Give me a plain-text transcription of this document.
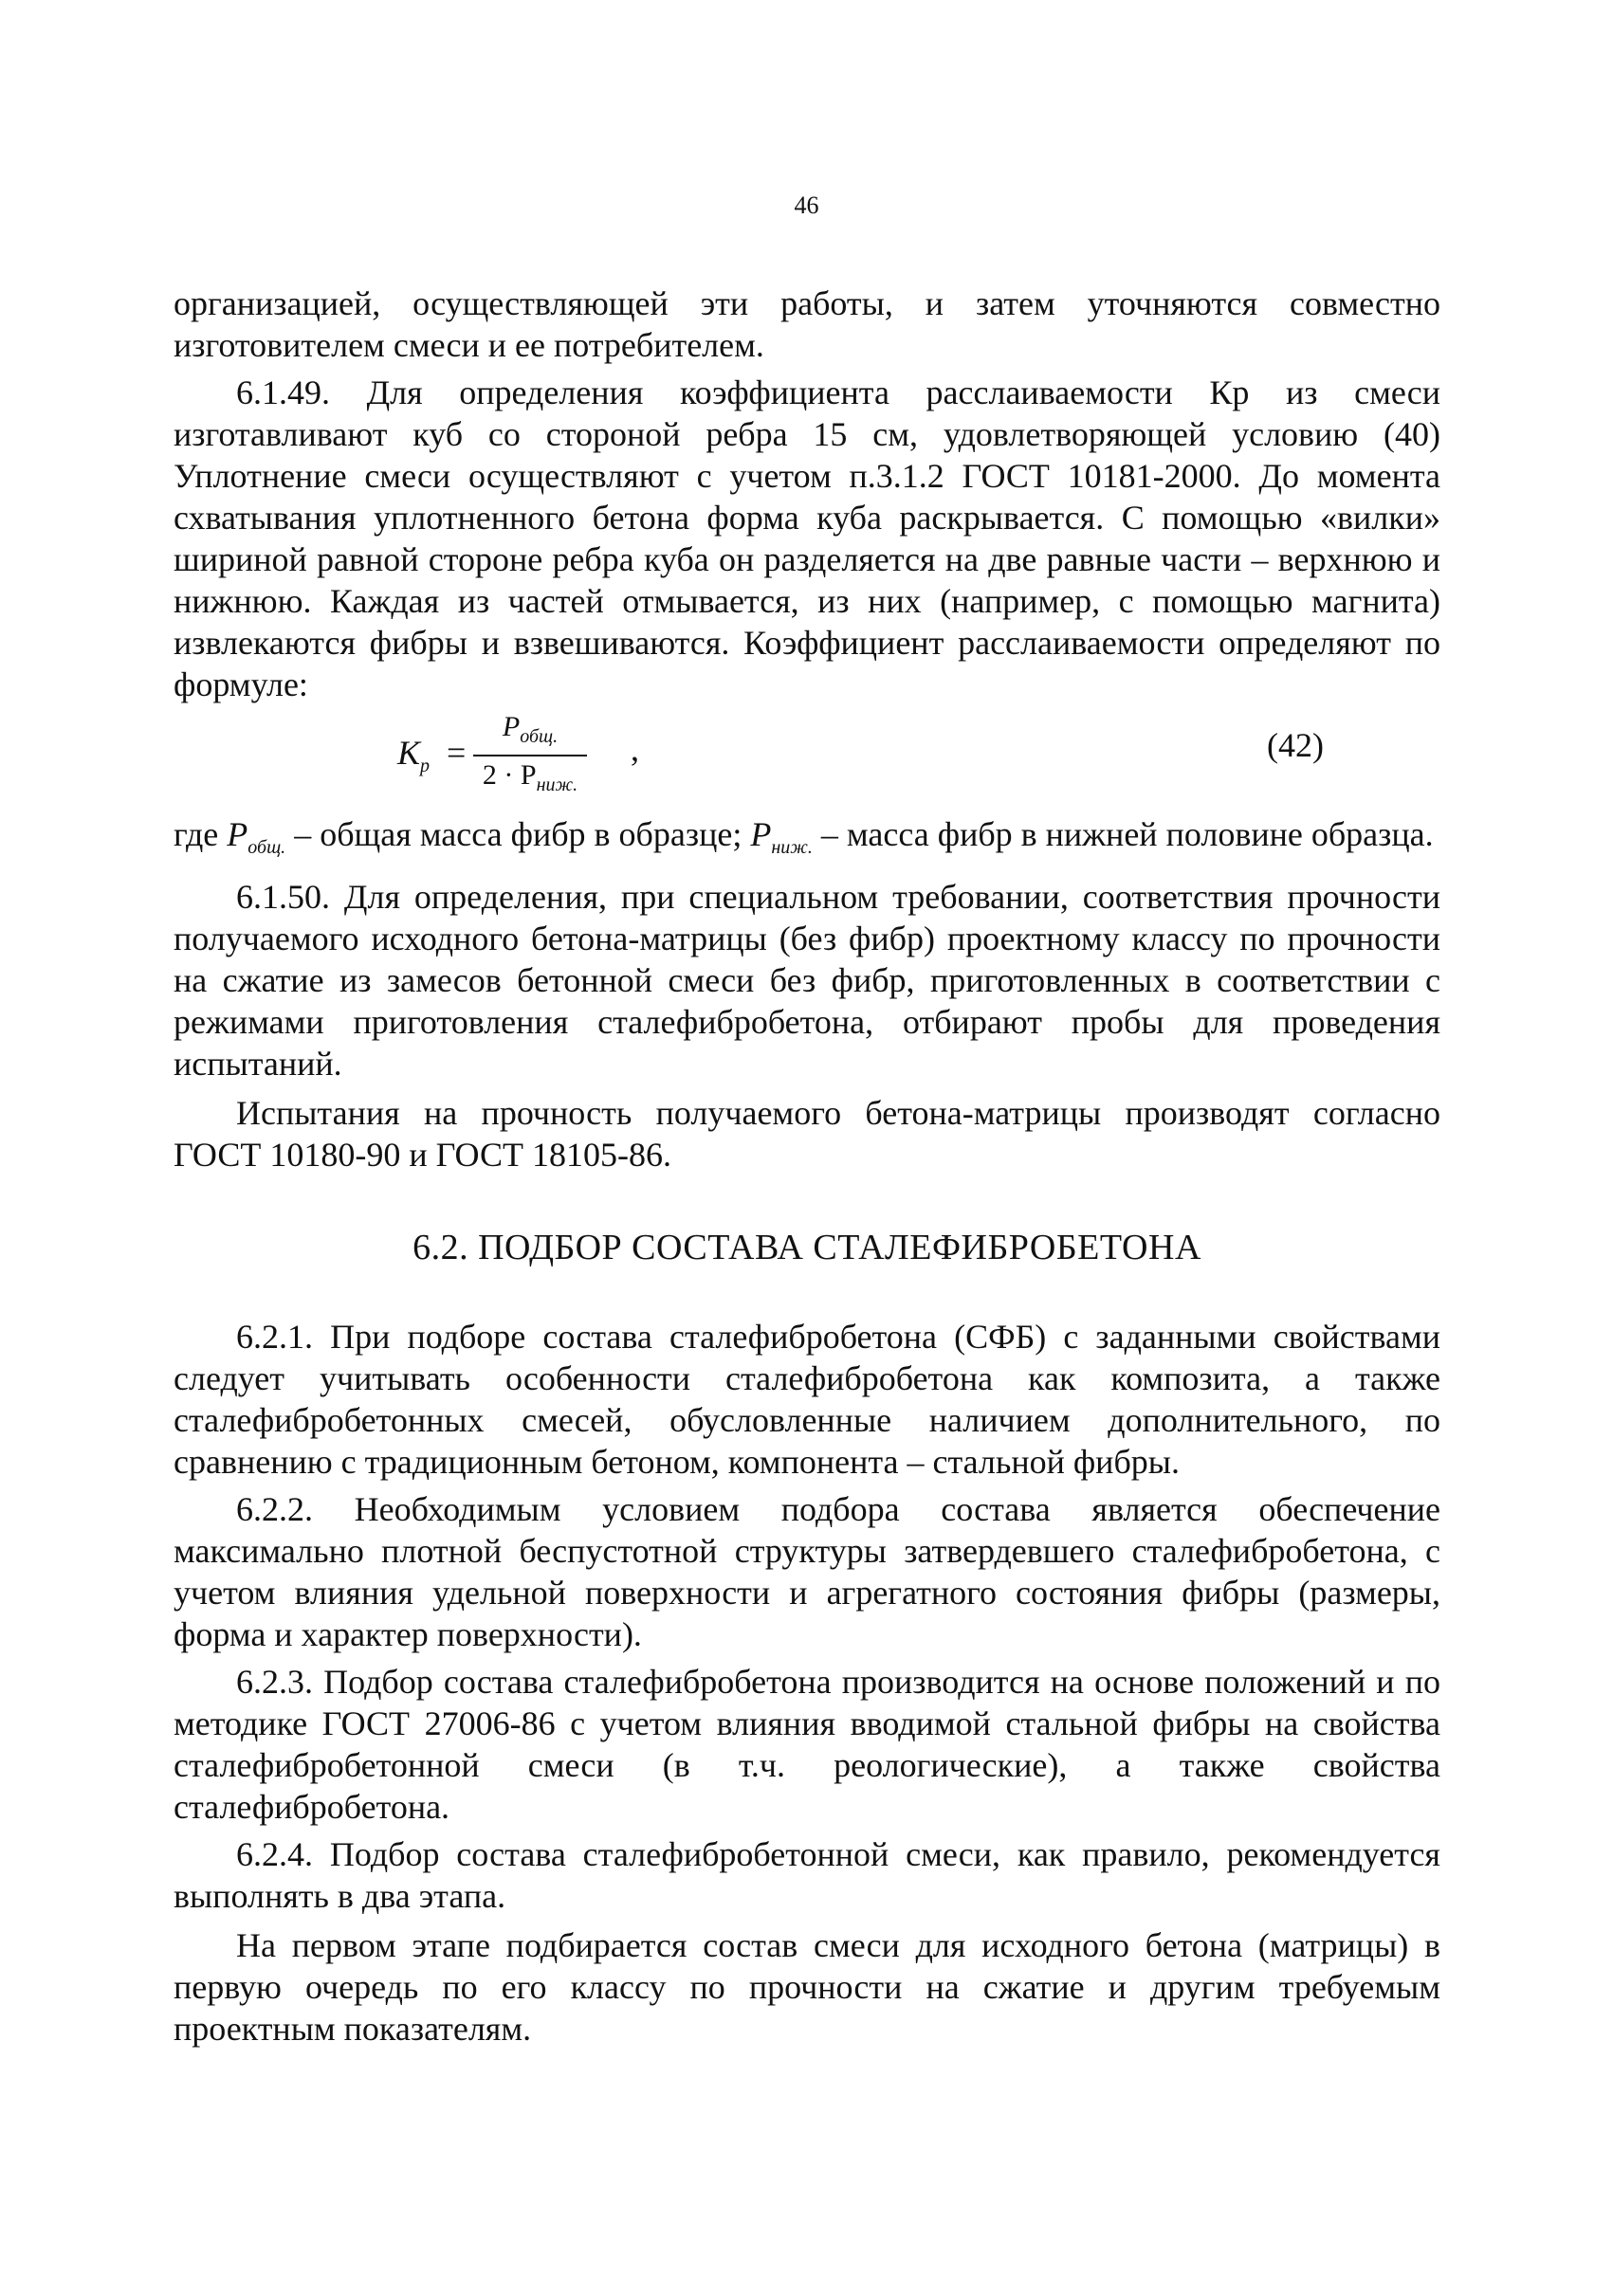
46

организацией, осуществляющей эти работы, и затем уточняются совместно изготовителем смеси и ее потребителем.

6.1.49. Для определения коэффициента расслаиваемости Кр из смеси изготавливают куб со стороной ребра 15 см, удовлетворяющей условию (40) Уплотнение смеси осуществляют с учетом п.3.1.2 ГОСТ 10181-2000. До момента схватывания уплотненного бетона форма куба раскрывается. С помощью «вилки» шириной равной стороне ребра куба он разделяется на две равные части – верхнюю и нижнюю. Каждая из частей отмывается, из них (например, с помощью магнита) извлекаются фибры и взвешиваются. Коэффициент расслаиваемости определяют по формуле:

$K_р$ =
$P_{общ.}$
$2 \cdot P_{ниж.}$
,	(42)

где $P_{общ.}$ – общая масса фибр в образце; $P_{ниж.}$ – масса фибр в нижней половине образца.

6.1.50. Для определения, при специальном требовании, соответствия прочности получаемого исходного бетона-матрицы (без фибр) проектному классу по прочности на сжатие из замесов бетонной смеси без фибр, приготовленных в соответствии с режимами приготовления сталефибробетона, отбирают пробы для проведения испытаний.

Испытания на прочность получаемого бетона-матрицы производят согласно ГОСТ 10180-90 и ГОСТ 18105-86.

6.2. ПОДБОР СОСТАВА СТАЛЕФИБРОБЕТОНА

6.2.1. При подборе состава сталефибробетона (СФБ) с заданными свойствами следует учитывать особенности сталефибробетона как композита, а также сталефибробетонных смесей, обусловленные наличием дополнительного, по сравнению с традиционным бетоном, компонента – стальной фибры.

6.2.2. Необходимым условием подбора состава является обеспечение максимально плотной беспустотной структуры затвердевшего сталефибробетона, с учетом влияния удельной поверхности и агрегатного состояния фибры (размеры, форма и характер поверхности).

6.2.3. Подбор состава сталефибробетона производится на основе положений и по методике ГОСТ 27006-86 с учетом влияния вводимой стальной фибры на свойства сталефибробетонной смеси (в т.ч. реологические), а также свойства сталефибробетона.

6.2.4. Подбор состава сталефибробетонной смеси, как правило, рекомендуется выполнять в два этапа.

На первом этапе подбирается состав смеси для исходного бетона (матрицы) в первую очередь по его классу по прочности на сжатие и другим требуемым проектным показателям.
